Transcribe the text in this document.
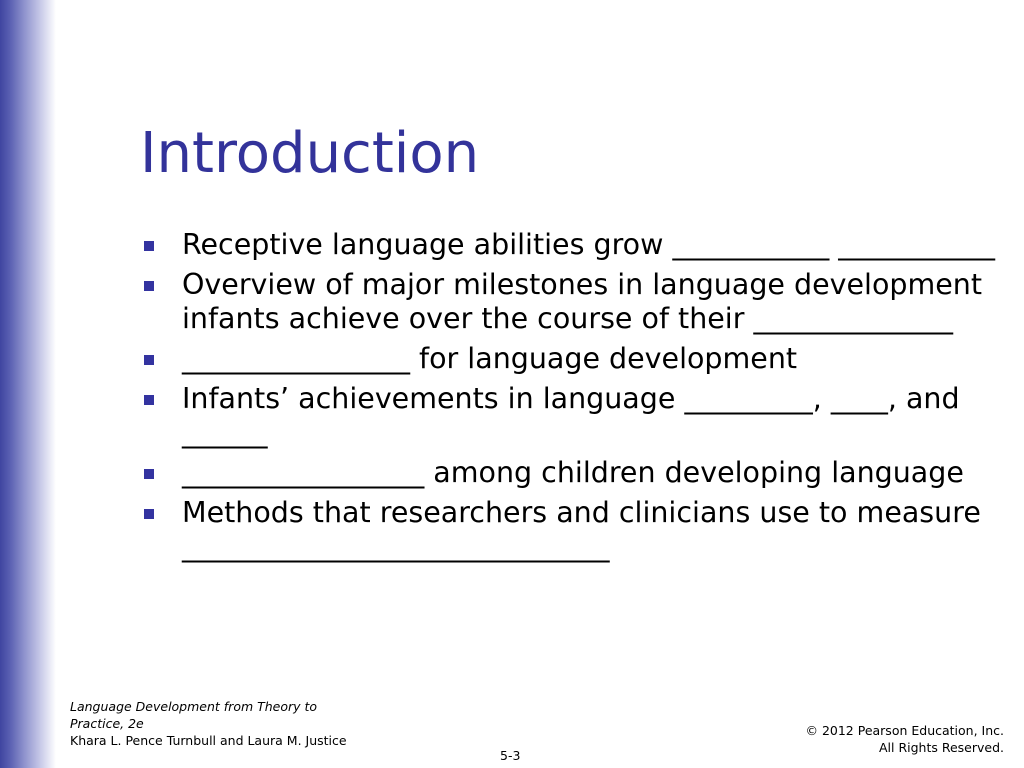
Introduction
Receptive language abilities grow ___________ ___________
Overview of major milestones in language development infants achieve over the course of their ______________
________________ for language development
Infants’ achievements in language _________, ____, and ______
_________________ among children developing language
Methods that researchers and clinicians use to measure ______________________________
Language Development from Theory to Practice, 2e
Khara L. Pence Turnbull and Laura M. Justice
© 2012 Pearson Education, Inc.
All Rights Reserved.
5-3
